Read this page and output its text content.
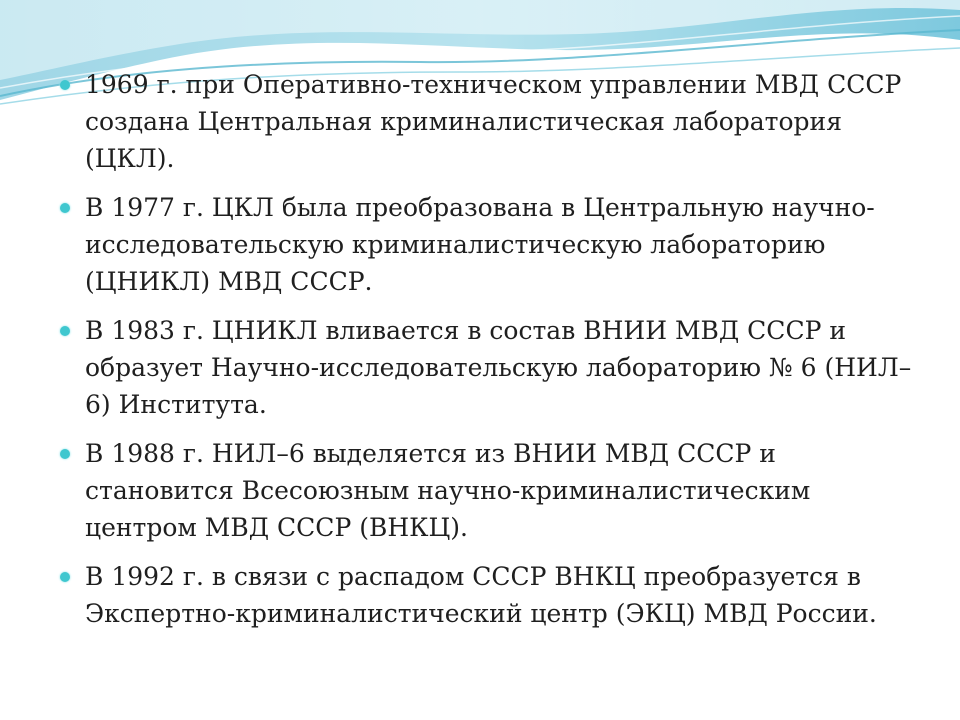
1969 г. при Оперативно-техническом управлении МВД СССР создана Центральная криминалистическая лаборатория (ЦКЛ).
В 1977 г. ЦКЛ была преобразована в Центральную научно-исследовательскую криминалистическую лабораторию (ЦНИКЛ) МВД СССР.
В 1983 г. ЦНИКЛ вливается в состав ВНИИ МВД СССР и образует Научно-исследовательскую лабораторию № 6 (НИЛ–6) Института.
В 1988 г. НИЛ–6 выделяется из ВНИИ МВД СССР и становится Всесоюзным научно-криминалистическим центром МВД СССР (ВНКЦ).
В 1992 г. в связи с распадом СССР ВНКЦ преобразуется в Экспертно-криминалистический центр (ЭКЦ) МВД России.
